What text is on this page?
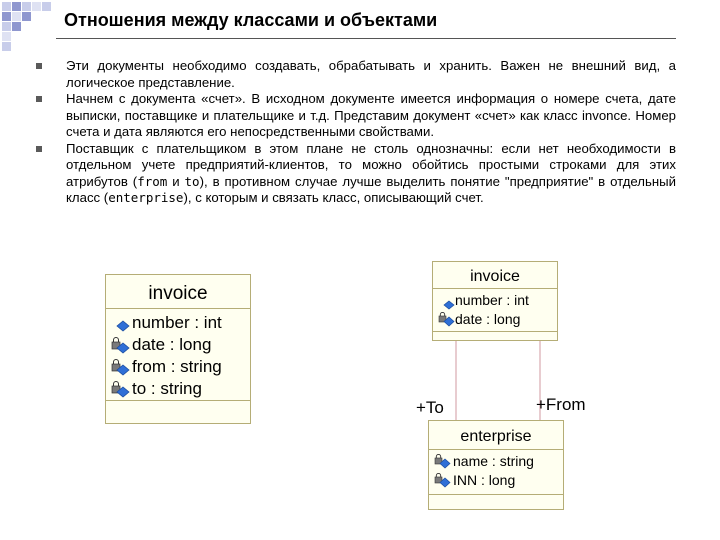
Отношения между классами и объектами
Эти документы необходимо создавать, обрабатывать и хранить. Важен не внешний вид, а логическое представление.
Начнем с документа «счет». В исходном документе имеется информация о номере счета, дате выписки, поставщике и плательщике и т.д. Представим документ «счет» как класс invonce. Номер счета и дата являются его непосредственными свойствами.
Поставщик с плательщиком в этом плане не столь однозначны: если нет необходимости в отдельном учете предприятий-клиентов, то можно обойтись простыми строками для этих атрибутов (from и to), в противном случае лучше выделить понятие "предприятие" в отдельный класс (enterprise), с которым и связать класс, описывающий счет.
invoice
number : int
date : long
from : string
to : string
invoice
number : int
date : long
+To	+From
enterprise
name : string
INN : long
